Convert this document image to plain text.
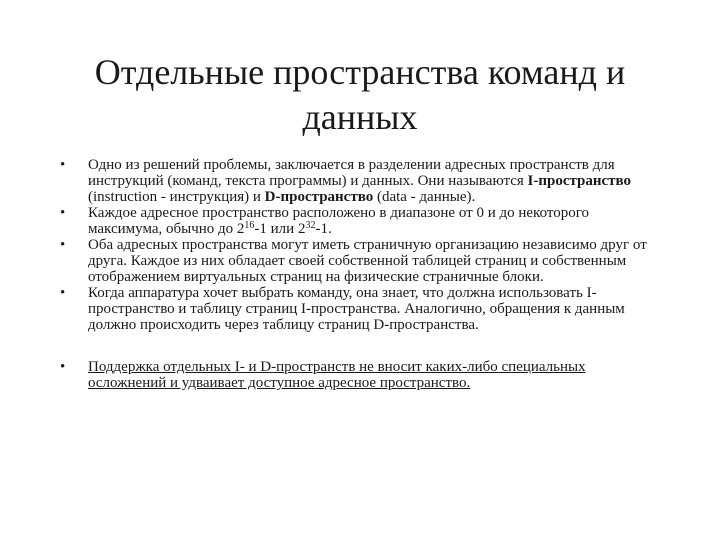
Отдельные пространства команд и
данных
• Одно из решений проблемы, заключается в разделении адресных пространств для инструкций (команд, текста программы) и данных. Они называются I-пространство (instruction - инструкция) и D-пространство (data - данные).
• Каждое адресное пространство расположено в диапазоне от 0 и до некоторого максимума, обычно до $2^{16}-1$ или $2^{32}-1$.
• Оба адресных пространства могут иметь страничную организацию независимо друг от друга. Каждое из них обладает своей собственной таблицей страниц и собственным отображением виртуальных страниц на физические страничные блоки.
• Когда аппаратура хочет выбрать команду, она знает, что должна использовать I-пространство и таблицу страниц I-пространства. Аналогично, обращения к данным должно происходить через таблицу страниц D-пространства.
• Поддержка отдельных I- и D-пространств не вносит каких-либо специальных осложнений и удваивает доступное адресное пространство.
